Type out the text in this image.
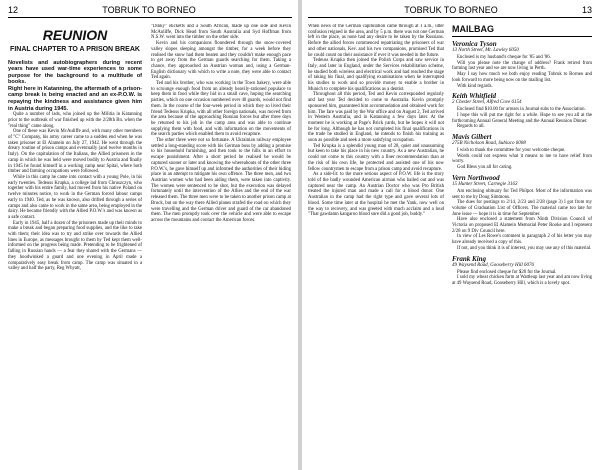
12	TOBRUK TO BORNEO
REUNION
FINAL CHAPTER TO A PRISON BREAK

Novelists and autobiographers during recent years have used war-time experiences to some purpose for the background to a multitude of books.

Right here in Katanning, the aftermath of a prison-camp break is being enacted and an ex-P.O.W. is repaying the kindness and assistance given him in Austria during 1945.

Quite a number of lads, who joined up the Militia in Katanning prior to the outbreak of war finished up with the 2/28th Bn. when the "real thing" came along.

One of these was Kevin McAuliffe and, with many other members of "C" Company, his army career came to a sudden end when he was taken prisoner at El Alamein on July 27, 1942. He went through the dreary routine of prison camps and eventually (and twelve months in Italy). On the capitulation of the Italians, the Allied prisoners in the camp in which he was held were moved bodily to Austria and finally in 1945 he found himself in a working camp near Spital, where both timber and farming occupations were followed.

While in this camp he came into contact with a young Pole, in his early twenties. Tedeuss Krupka, a college lad from Chruszczyn, who together with his entire family, had moved from his native Poland on twelve minutes notice, to work in the German forced labour camps early in 1940. Ted, as he was known, also drifted through a series of camps and also came to work in the same area, being employed in the dairy. He became friendly with the Allied P.O.W.'s and was known as a safe contact.

Early in 1945, half a dozen of the prisoners made up their minds to make a break and began preparing food supplies, and the like to take with them; their idea was to try and strike over towards the Allied lines in Europe, as messages brought to them by Ted kept them well-informed on the progress being made. Pretending to be frightened of falling in Russian hands — a fear they shared with the Germans — they hoodwinked a guard and one evening in April made a comparatively easy break from camp. The camp was situated in a valley and half the party, Reg Whyatt,

"Dinky" Ricketts and a South African, made up one side and Kevin McAuliffe, Dick Head from South Australia and Syd Hoffman from N.S.W. went into the timber on the other side.

Kevin and his companions floundered through the snow-covered valley slopes sleeping amongst the timber, for a week before they realised the snow had them beaten and they couldn't make enough pace to get away from the German guards searching for them. Taking a chance, they approached an Austrian woman and, using a German-English dictionary with which to write a note, they were able to contact Ted again.

Ted and his brother, who was working in the Town bakery, were able to scrounge enough food from an already heavily-rationed populace to keep them in food while they hid in a small cave, hoping the searching parties, which on one occasion numbered over 40 guards, would not find them. In the course of the four-week period in which they so lived their friend Tedeuss Krupka, with all other foreign nationals, was moved from the area because of the approaching Russian forces but after three days he returned to his job in the camp area and was able to continue supplying them with food, and with information on the movements of the search parties which enabled them to avoid recapture.

The other three were not so fortunate. A Ukrainian railway employee settled a long-standing score with his German boss by adding a promise to his household furnishing, and then took to the hills in an effort to escape punishment. After a short period he realised he would be captured sooner or later and knowing the whereabouts of the other three P.O.W.'s, he gave himself up and informed the authorities of their hiding place in an attempt to mitigate his own offence. The three men, and two Austrian women who had been aiding them, were taken into captivity. The women were sentenced to be shot, but the execution was delayed fortunately until the intervention of the Allies and the end of the war released them. The three men were to be taken to another prison camp at Bruck, but on the way there Allied planes strafed the road on which they were travelling and the German driver and guard of the car abandoned them. The men promptly took over the vehicle and were able to escape across the mountains and contact the American forces.

TOBRUK TO BORNEO	13

When news of the German capitulation came through at 1 a.m., utter confusion reigned in the area, and by 5 p.m. there was not one German left in the place, as none had any desire to be taken by the Russians. Before the allied forces commenced repatriating the prisoners of war and other nationals, Kev. and his two companions, promised Ted that he could count on their assistance if ever it was needed in the future.

Tedeuss Krupka then joined the Polish Corps and saw service in Italy, and later in England, under the Services rehabilitation scheme, he studied both wireless and electrical work and had reached the stage of taking his final, and qualifying examinations when he interrupted his studies to work and so provide money to enable a brother in Munich to complete his qualifications as a dentist.

Throughout all this period, Ted and Kevin corresponded regularly and last year Ted decided to come to Australia. Kevin promptly sponsored him, guaranteed him accommodation and obtained work for him. The fare was paid by the War office and on August 2, Ted arrived in Western Australia, and in Katanning a few days later. At the moment he is working at Page's Brick yards, but he hopes it will not be for long. Although he has not completed his final qualifications in the trade he studied in England, he intends to finish his training as soon as possible and seek a more satisfying occupation.

Ted Krupka is a splendid young man of 28, quiet and unassuming but keen to take his place in his new country. As a new Australian, he could not come to this country with a finer recommendation than at the risk of his own life, he protected and assisted one of his now fellow countrymen to escape from a prison camp and avoid recapture.

As a side-lit: to the more serious aspect of P.O.W. life is the story told of the badly wounded American airman who bailed out and was captured near the camp. An Austrian Doctor who was Pro British treated the injured man and made a call for a blood donor. One Australian in the camp had the right type and gave several lots of blood. Some time later at the hospital he met the Yank, now well on the way to recovery, and was greeted with much acclaim and a loud "That gawdamn kangaroo blood sure did a good job, buddy."

MAILBAG
Veronica Tyson
13 North Street, Mt. Lawley 6050

Enclosed is my husband's cheque for '85 and '86.

Will you please note the change of address? Frank retired from farming last year and we are now living in Perth.

May I say how much we both enjoy reading Tobruk to Borneo and look forward to more being now on the mailing list.

With kind regards.

Keith Whitfield
2 Chester Street, Alfred Cove 6154

Enclosed find $10.00 for arrears in Journal subs to the Association.

I hope this will put me right for a while. Hope to see you all at the forthcoming Annual General Meeting and the Annual Reunion Dinner.

Regards to all.

Mavis Gilbert
275B Nicholson Road, Subiaco 6008

I wish to thank the committee for your welcome cheque.

Words could not express what it means to me to have relief from worry.

God Bless you all for caring.

Vern Northwood
15 Hunter Street, Carnegie 3163

Am enclosing obituary for Ted Philpot. Most of the information was sent to me by Doug Simmons.

The dues for postings to 2/14, 2/23 and 2/28 (page 3) I got from my volume of Graduation List of Officers. The material came too late for June issue — hope it is in time for September.

Have also enclosed a statement from Ninth Division Council of Victoria on proposed El Alamein Memorial Peter Rooke and I represent 2/28 on 9 Div Council here.

In view of Les Rowe's comment in paragraph 2 of his letter you may have already received a copy of this.

If not, and you think it is of interest, you may use any of this material.

Frank King
49 Waysend Road, Gooseberry Hill 6076

Please find enclosed cheque for $20 for the Journal.

I sold my wheat chicken farm at Wattleup last year and am now living at 49 Waysend Road, Gooseberry Hill, which is a lovely spot.
